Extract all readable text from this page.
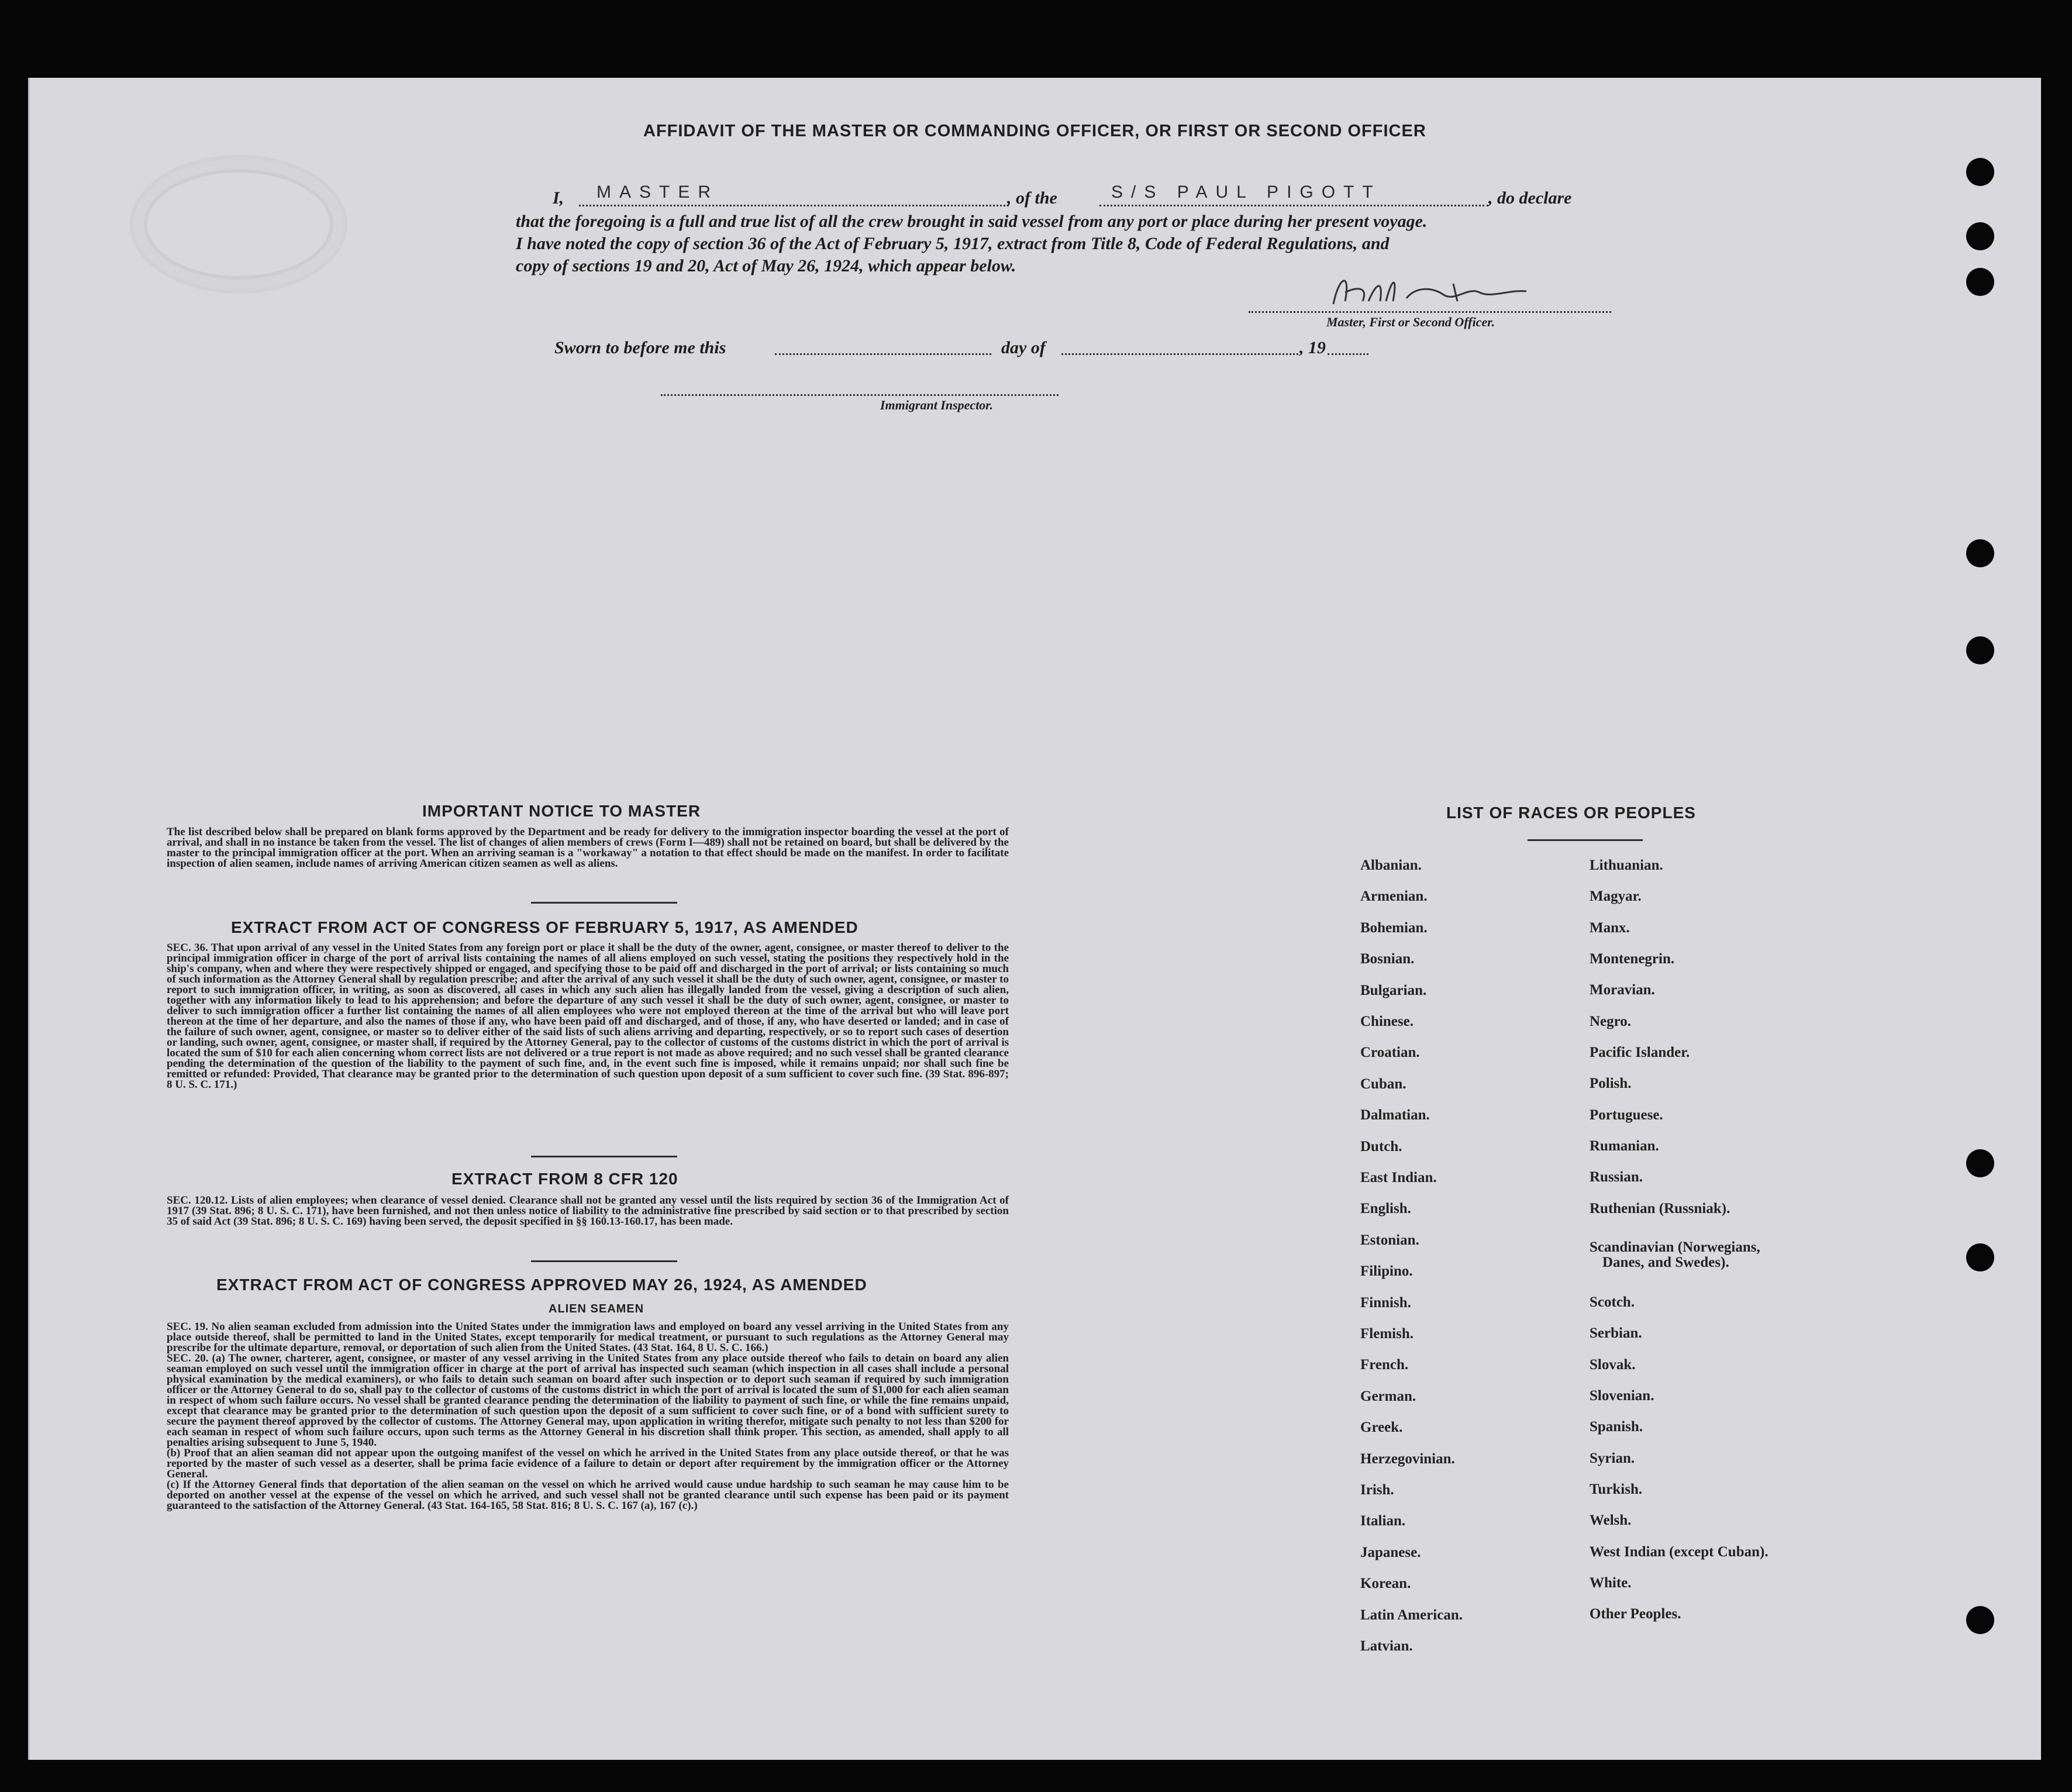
AFFIDAVIT OF THE MASTER OR COMMANDING OFFICER, OR FIRST OR SECOND OFFICER
I, MASTER	, of the	S/S PAUL PIGOTT	, do declare
that the foregoing is a full and true list of all the crew brought in said vessel from any port or place during her present voyage.
I have noted the copy of section 36 of the Act of February 5, 1917, extract from Title 8, Code of Federal Regulations, and
copy of sections 19 and 20, Act of May 26, 1924, which appear below.
Master, First or Second Officer.
Sworn to before me this	day of	, 19
Immigrant Inspector.
IMPORTANT NOTICE TO MASTER

The list described below shall be prepared on blank forms approved by the Department and be ready for delivery to the immigration inspector boarding the vessel at the port of arrival, and shall in no instance be taken from the vessel. The list of changes of alien members of crews (Form I—489) shall not be retained on board, but shall be delivered by the master to the principal immigration officer at the port. When an arriving seaman is a "workaway" a notation to that effect should be made on the manifest. In order to facilitate inspection of alien seamen, include names of arriving American citizen seamen as well as aliens.

EXTRACT FROM ACT OF CONGRESS OF FEBRUARY 5, 1917, AS AMENDED

SEC. 36. That upon arrival of any vessel in the United States from any foreign port or place it shall be the duty of the owner, agent, consignee, or master thereof to deliver to the principal immigration officer in charge of the port of arrival lists containing the names of all aliens employed on such vessel, stating the positions they respectively hold in the ship's company, when and where they were respectively shipped or engaged, and specifying those to be paid off and discharged in the port of arrival; or lists containing so much of such information as the Attorney General shall by regulation prescribe; and after the arrival of any such vessel it shall be the duty of such owner, agent, consignee, or master to report to such immigration officer, in writing, as soon as discovered, all cases in which any such alien has illegally landed from the vessel, giving a description of such alien, together with any information likely to lead to his apprehension; and before the departure of any such vessel it shall be the duty of such owner, agent, consignee, or master to deliver to such immigration officer a further list containing the names of all alien employees who were not employed thereon at the time of the arrival but who will leave port thereon at the time of her departure, and also the names of those if any, who have been paid off and discharged, and of those, if any, who have deserted or landed; and in case of the failure of such owner, agent, consignee, or master so to deliver either of the said lists of such aliens arriving and departing, respectively, or so to report such cases of desertion or landing, such owner, agent, consignee, or master shall, if required by the Attorney General, pay to the collector of customs of the customs district in which the port of arrival is located the sum of $10 for each alien concerning whom correct lists are not delivered or a true report is not made as above required; and no such vessel shall be granted clearance pending the determination of the question of the liability to the payment of such fine, and, in the event such fine is imposed, while it remains unpaid; nor shall such fine be remitted or refunded: Provided, That clearance may be granted prior to the determination of such question upon deposit of a sum sufficient to cover such fine. (39 Stat. 896-897; 8 U. S. C. 171.)

EXTRACT FROM 8 CFR 120

SEC. 120.12. Lists of alien employees; when clearance of vessel denied. Clearance shall not be granted any vessel until the lists required by section 36 of the Immigration Act of 1917 (39 Stat. 896; 8 U. S. C. 171), have been furnished, and not then unless notice of liability to the administrative fine prescribed by said section or to that prescribed by section 35 of said Act (39 Stat. 896; 8 U. S. C. 169) having been served, the deposit specified in §§ 160.13-160.17, has been made.

EXTRACT FROM ACT OF CONGRESS APPROVED MAY 26, 1924, AS AMENDED
ALIEN SEAMEN

SEC. 19. No alien seaman excluded from admission into the United States under the immigration laws and employed on board any vessel arriving in the United States from any place outside thereof, shall be permitted to land in the United States, except temporarily for medical treatment, or pursuant to such regulations as the Attorney General may prescribe for the ultimate departure, removal, or deportation of such alien from the United States. (43 Stat. 164, 8 U. S. C. 166.)

SEC. 20. (a) The owner, charterer, agent, consignee, or master of any vessel arriving in the United States from any place outside thereof who fails to detain on board any alien seaman employed on such vessel until the immigration officer in charge at the port of arrival has inspected such seaman (which inspection in all cases shall include a personal physical examination by the medical examiners), or who fails to detain such seaman on board after such inspection or to deport such seaman if required by such immigration officer or the Attorney General to do so, shall pay to the collector of customs of the customs district in which the port of arrival is located the sum of $1,000 for each alien seaman in respect of whom such failure occurs. No vessel shall be granted clearance pending the determination of the liability to payment of such fine, or while the fine remains unpaid, except that clearance may be granted prior to the determination of such question upon the deposit of a sum sufficient to cover such fine, or of a bond with sufficient surety to secure the payment thereof approved by the collector of customs. The Attorney General may, upon application in writing therefor, mitigate such penalty to not less than $200 for each seaman in respect of whom such failure occurs, upon such terms as the Attorney General in his discretion shall think proper. This section, as amended, shall apply to all penalties arising subsequent to June 5, 1940.

(b) Proof that an alien seaman did not appear upon the outgoing manifest of the vessel on which he arrived in the United States from any place outside thereof, or that he was reported by the master of such vessel as a deserter, shall be prima facie evidence of a failure to detain or deport after requirement by the immigration officer or the Attorney General.

(c) If the Attorney General finds that deportation of the alien seaman on the vessel on which he arrived would cause undue hardship to such seaman he may cause him to be deported on another vessel at the expense of the vessel on which he arrived, and such vessel shall not be granted clearance until such expense has been paid or its payment guaranteed to the satisfaction of the Attorney General. (43 Stat. 164-165, 58 Stat. 816; 8 U. S. C. 167 (a), 167 (c).)

LIST OF RACES OR PEOPLES
Albanian.
Armenian.
Bohemian.
Bosnian.
Bulgarian.
Chinese.
Croatian.
Cuban.
Dalmatian.
Dutch.
East Indian.
English.
Estonian.
Filipino.
Finnish.
Flemish.
French.
German.
Greek.
Herzegovinian.
Irish.
Italian.
Japanese.
Korean.
Latin American.
Latvian.
Lithuanian.
Magyar.
Manx.
Montenegrin.
Moravian.
Negro.
Pacific Islander.
Polish.
Portuguese.
Rumanian.
Russian.
Ruthenian (Russniak).
Scandinavian (Norwegians,
Danes, and Swedes).
Scotch.
Serbian.
Slovak.
Slovenian.
Spanish.
Syrian.
Turkish.
Welsh.
West Indian (except Cuban).
White.
Other Peoples.
